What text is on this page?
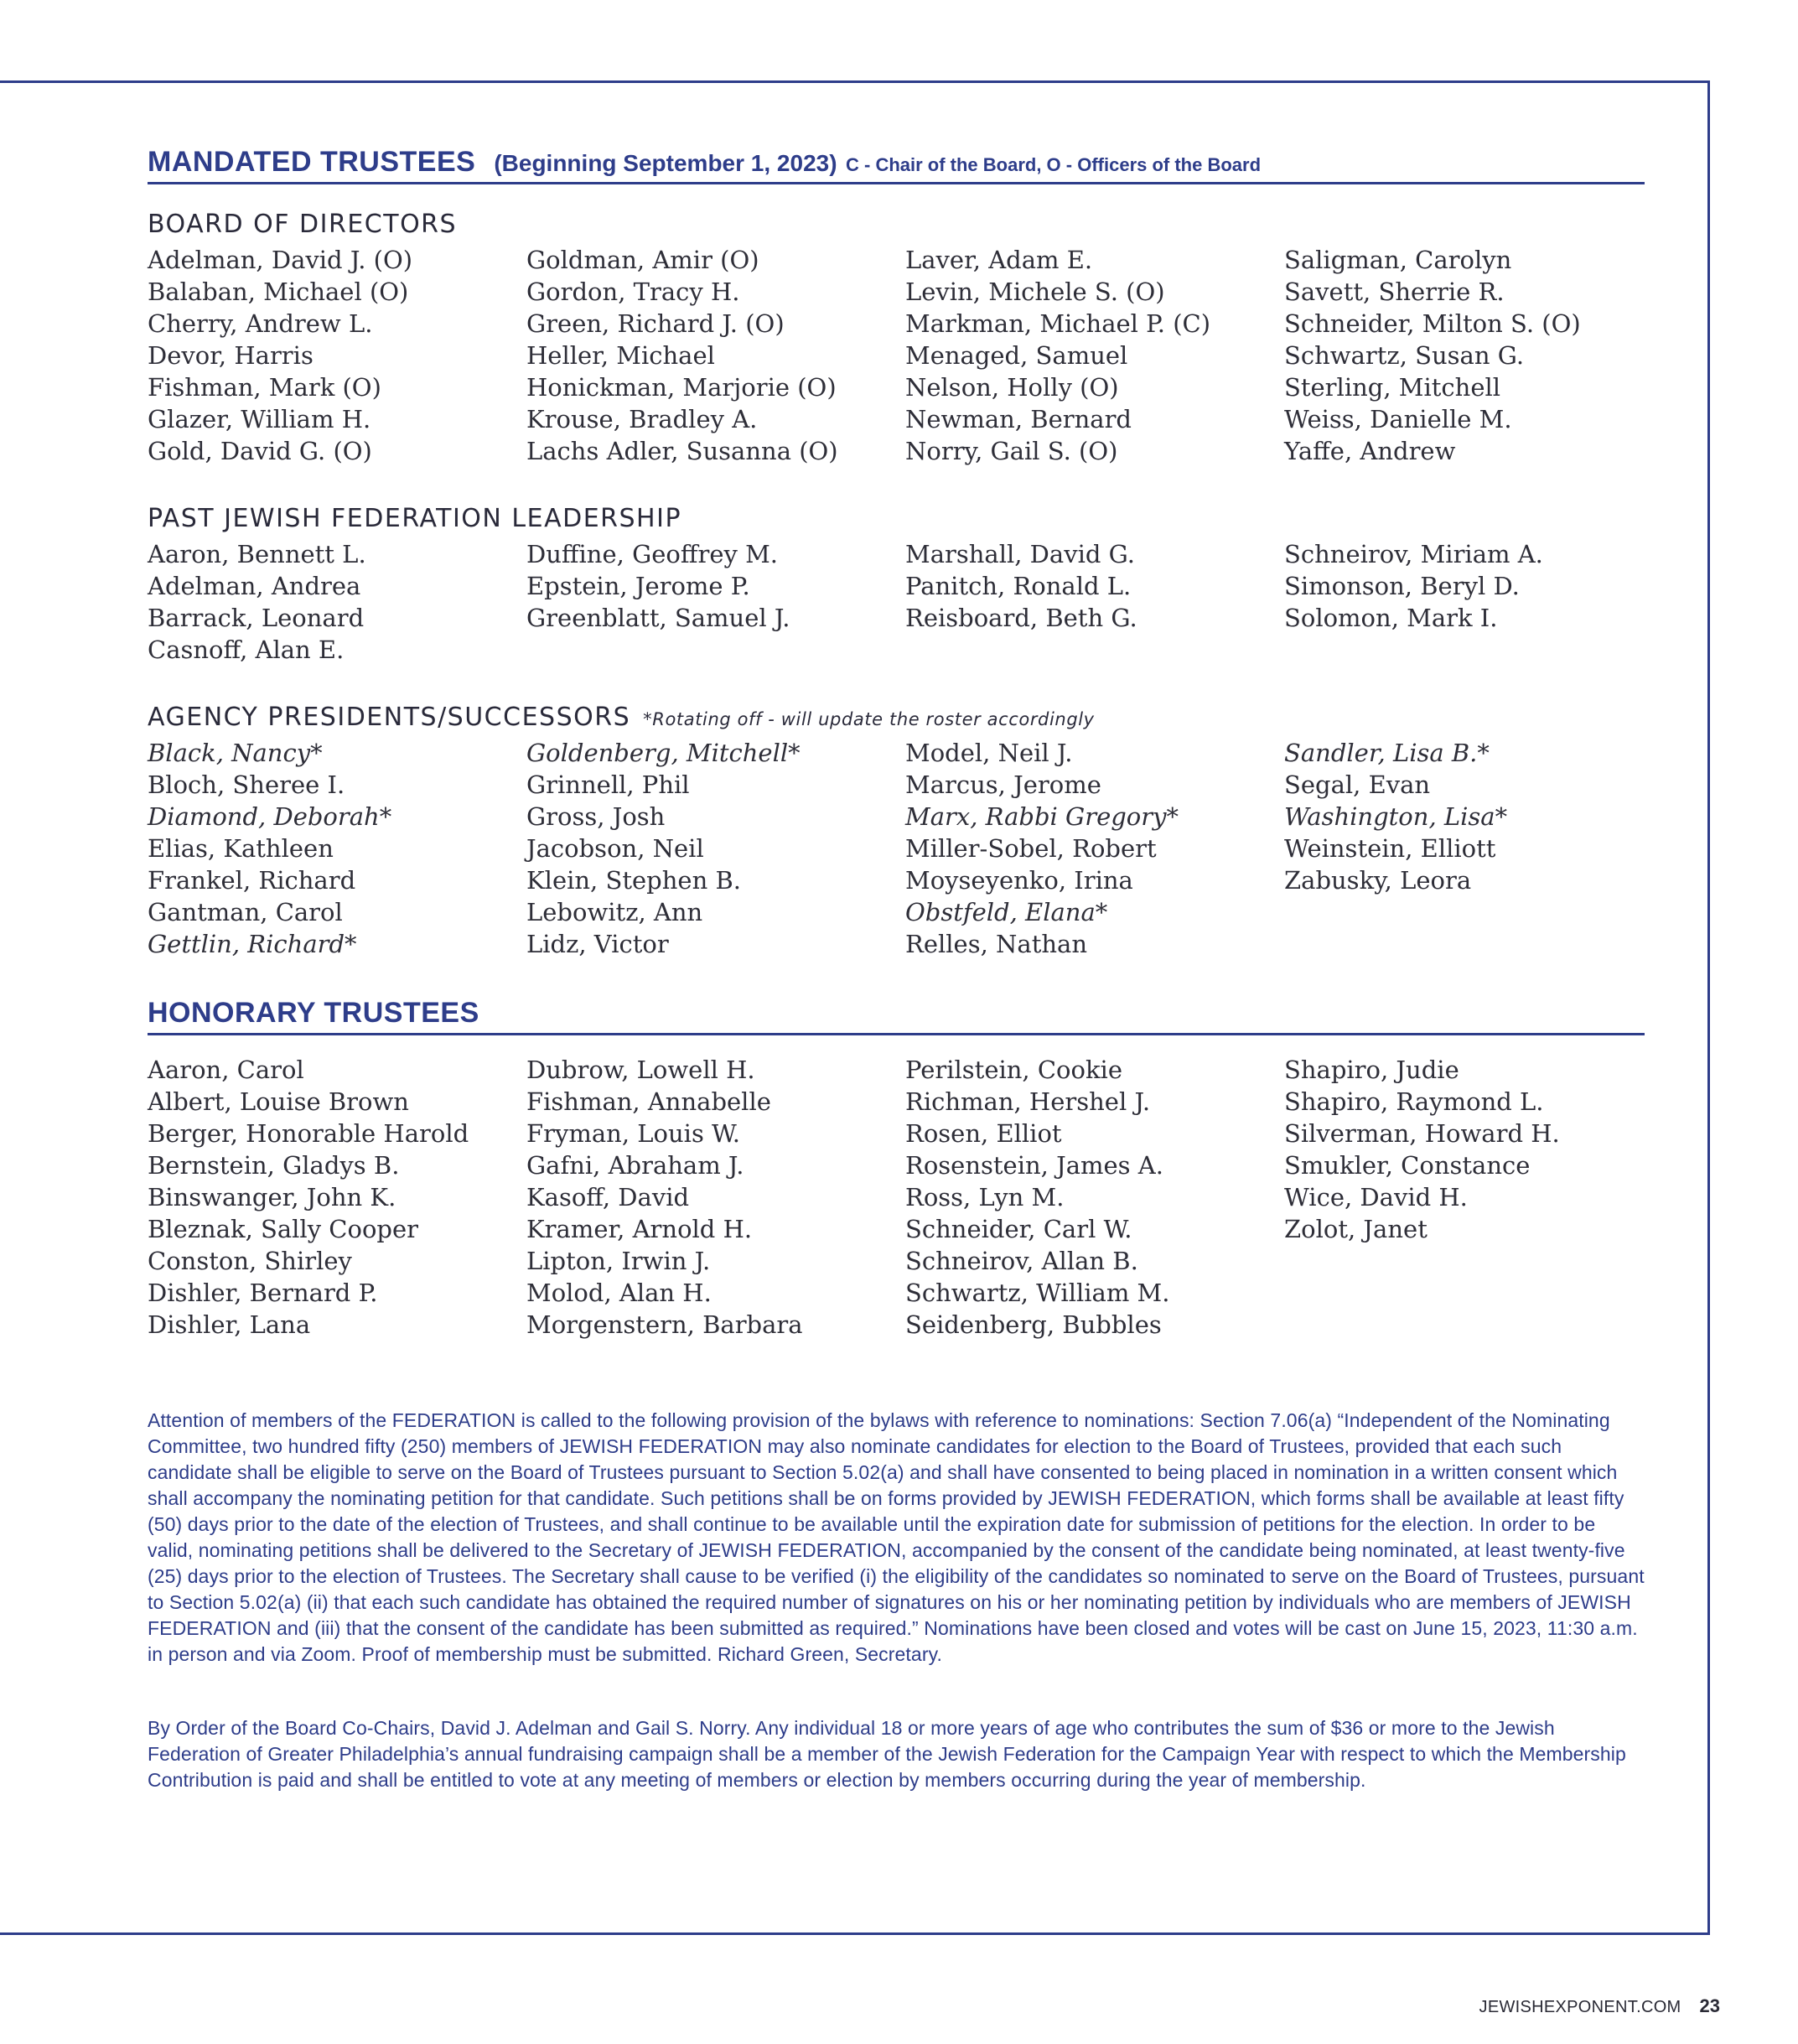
MANDATED TRUSTEES (Beginning September 1, 2023) C - Chair of the Board, O - Officers of the Board
BOARD OF DIRECTORS
Adelman, David J. (O)
Balaban, Michael (O)
Cherry, Andrew L.
Devor, Harris
Fishman, Mark (O)
Glazer, William H.
Gold, David G. (O)
Goldman, Amir (O)
Gordon, Tracy H.
Green, Richard J. (O)
Heller, Michael
Honickman, Marjorie (O)
Krouse, Bradley A.
Lachs Adler, Susanna (O)
Laver, Adam E.
Levin, Michele S. (O)
Markman, Michael P. (C)
Menaged, Samuel
Nelson, Holly (O)
Newman, Bernard
Norry, Gail S. (O)
Saligman, Carolyn
Savett, Sherrie R.
Schneider, Milton S. (O)
Schwartz, Susan G.
Sterling, Mitchell
Weiss, Danielle M.
Yaffe, Andrew
PAST JEWISH FEDERATION LEADERSHIP
Aaron, Bennett L.
Adelman, Andrea
Barrack, Leonard
Casnoff, Alan E.
Duffine, Geoffrey M.
Epstein, Jerome P.
Greenblatt, Samuel J.
Marshall, David G.
Panitch, Ronald L.
Reisboard, Beth G.
Schneirov, Miriam A.
Simonson, Beryl D.
Solomon, Mark I.
AGENCY PRESIDENTS/SUCCESSORS *Rotating off - will update the roster accordingly
Black, Nancy*
Bloch, Sheree I.
Diamond, Deborah*
Elias, Kathleen
Frankel, Richard
Gantman, Carol
Gettlin, Richard*
Goldenberg, Mitchell*
Grinnell, Phil
Gross, Josh
Jacobson, Neil
Klein, Stephen B.
Lebowitz, Ann
Lidz, Victor
Model, Neil J.
Marcus, Jerome
Marx, Rabbi Gregory*
Miller-Sobel, Robert
Moyseyenko, Irina
Obstfeld, Elana*
Relles, Nathan
Sandler, Lisa B.*
Segal, Evan
Washington, Lisa*
Weinstein, Elliott
Zabusky, Leora
HONORARY TRUSTEES
Aaron, Carol
Albert, Louise Brown
Berger, Honorable Harold
Bernstein, Gladys B.
Binswanger, John K.
Bleznak, Sally Cooper
Conston, Shirley
Dishler, Bernard P.
Dishler, Lana
Dubrow, Lowell H.
Fishman, Annabelle
Fryman, Louis W.
Gafni, Abraham J.
Kasoff, David
Kramer, Arnold H.
Lipton, Irwin J.
Molod, Alan H.
Morgenstern, Barbara
Perilstein, Cookie
Richman, Hershel J.
Rosen, Elliot
Rosenstein, James A.
Ross, Lyn M.
Schneider, Carl W.
Schneirov, Allan B.
Schwartz, William M.
Seidenberg, Bubbles
Shapiro, Judie
Shapiro, Raymond L.
Silverman, Howard H.
Smukler, Constance
Wice, David H.
Zolot, Janet

Attention of members of the FEDERATION is called to the following provision of the bylaws with reference to nominations: Section 7.06(a) “Independent of the Nominating Committee, two hundred fifty (250) members of JEWISH FEDERATION may also nominate candidates for election to the Board of Trustees, provided that each such candidate shall be eligible to serve on the Board of Trustees pursuant to Section 5.02(a) and shall have consented to being placed in nomination in a written consent which shall accompany the nominating petition for that candidate. Such petitions shall be on forms provided by JEWISH FEDERATION, which forms shall be available at least fifty (50) days prior to the date of the election of Trustees, and shall continue to be available until the expiration date for submission of petitions for the election. In order to be valid, nominating petitions shall be delivered to the Secretary of JEWISH FEDERATION, accompanied by the consent of the candidate being nominated, at least twenty-five (25) days prior to the election of Trustees. The Secretary shall cause to be verified (i) the eligibility of the candidates so nominated to serve on the Board of Trustees, pursuant to Section 5.02(a) (ii) that each such candidate has obtained the required number of signatures on his or her nominating petition by individuals who are members of JEWISH FEDERATION and (iii) that the consent of the candidate has been submitted as required.” Nominations have been closed and votes will be cast on June 15, 2023, 11:30 a.m. in person and via Zoom. Proof of membership must be submitted. Richard Green, Secretary.

By Order of the Board Co-Chairs, David J. Adelman and Gail S. Norry. Any individual 18 or more years of age who contributes the sum of $36 or more to the Jewish Federation of Greater Philadelphia’s annual fundraising campaign shall be a member of the Jewish Federation for the Campaign Year with respect to which the Membership Contribution is paid and shall be entitled to vote at any meeting of members or election by members occurring during the year of membership.

JEWISHEXPONENT.COM 23
